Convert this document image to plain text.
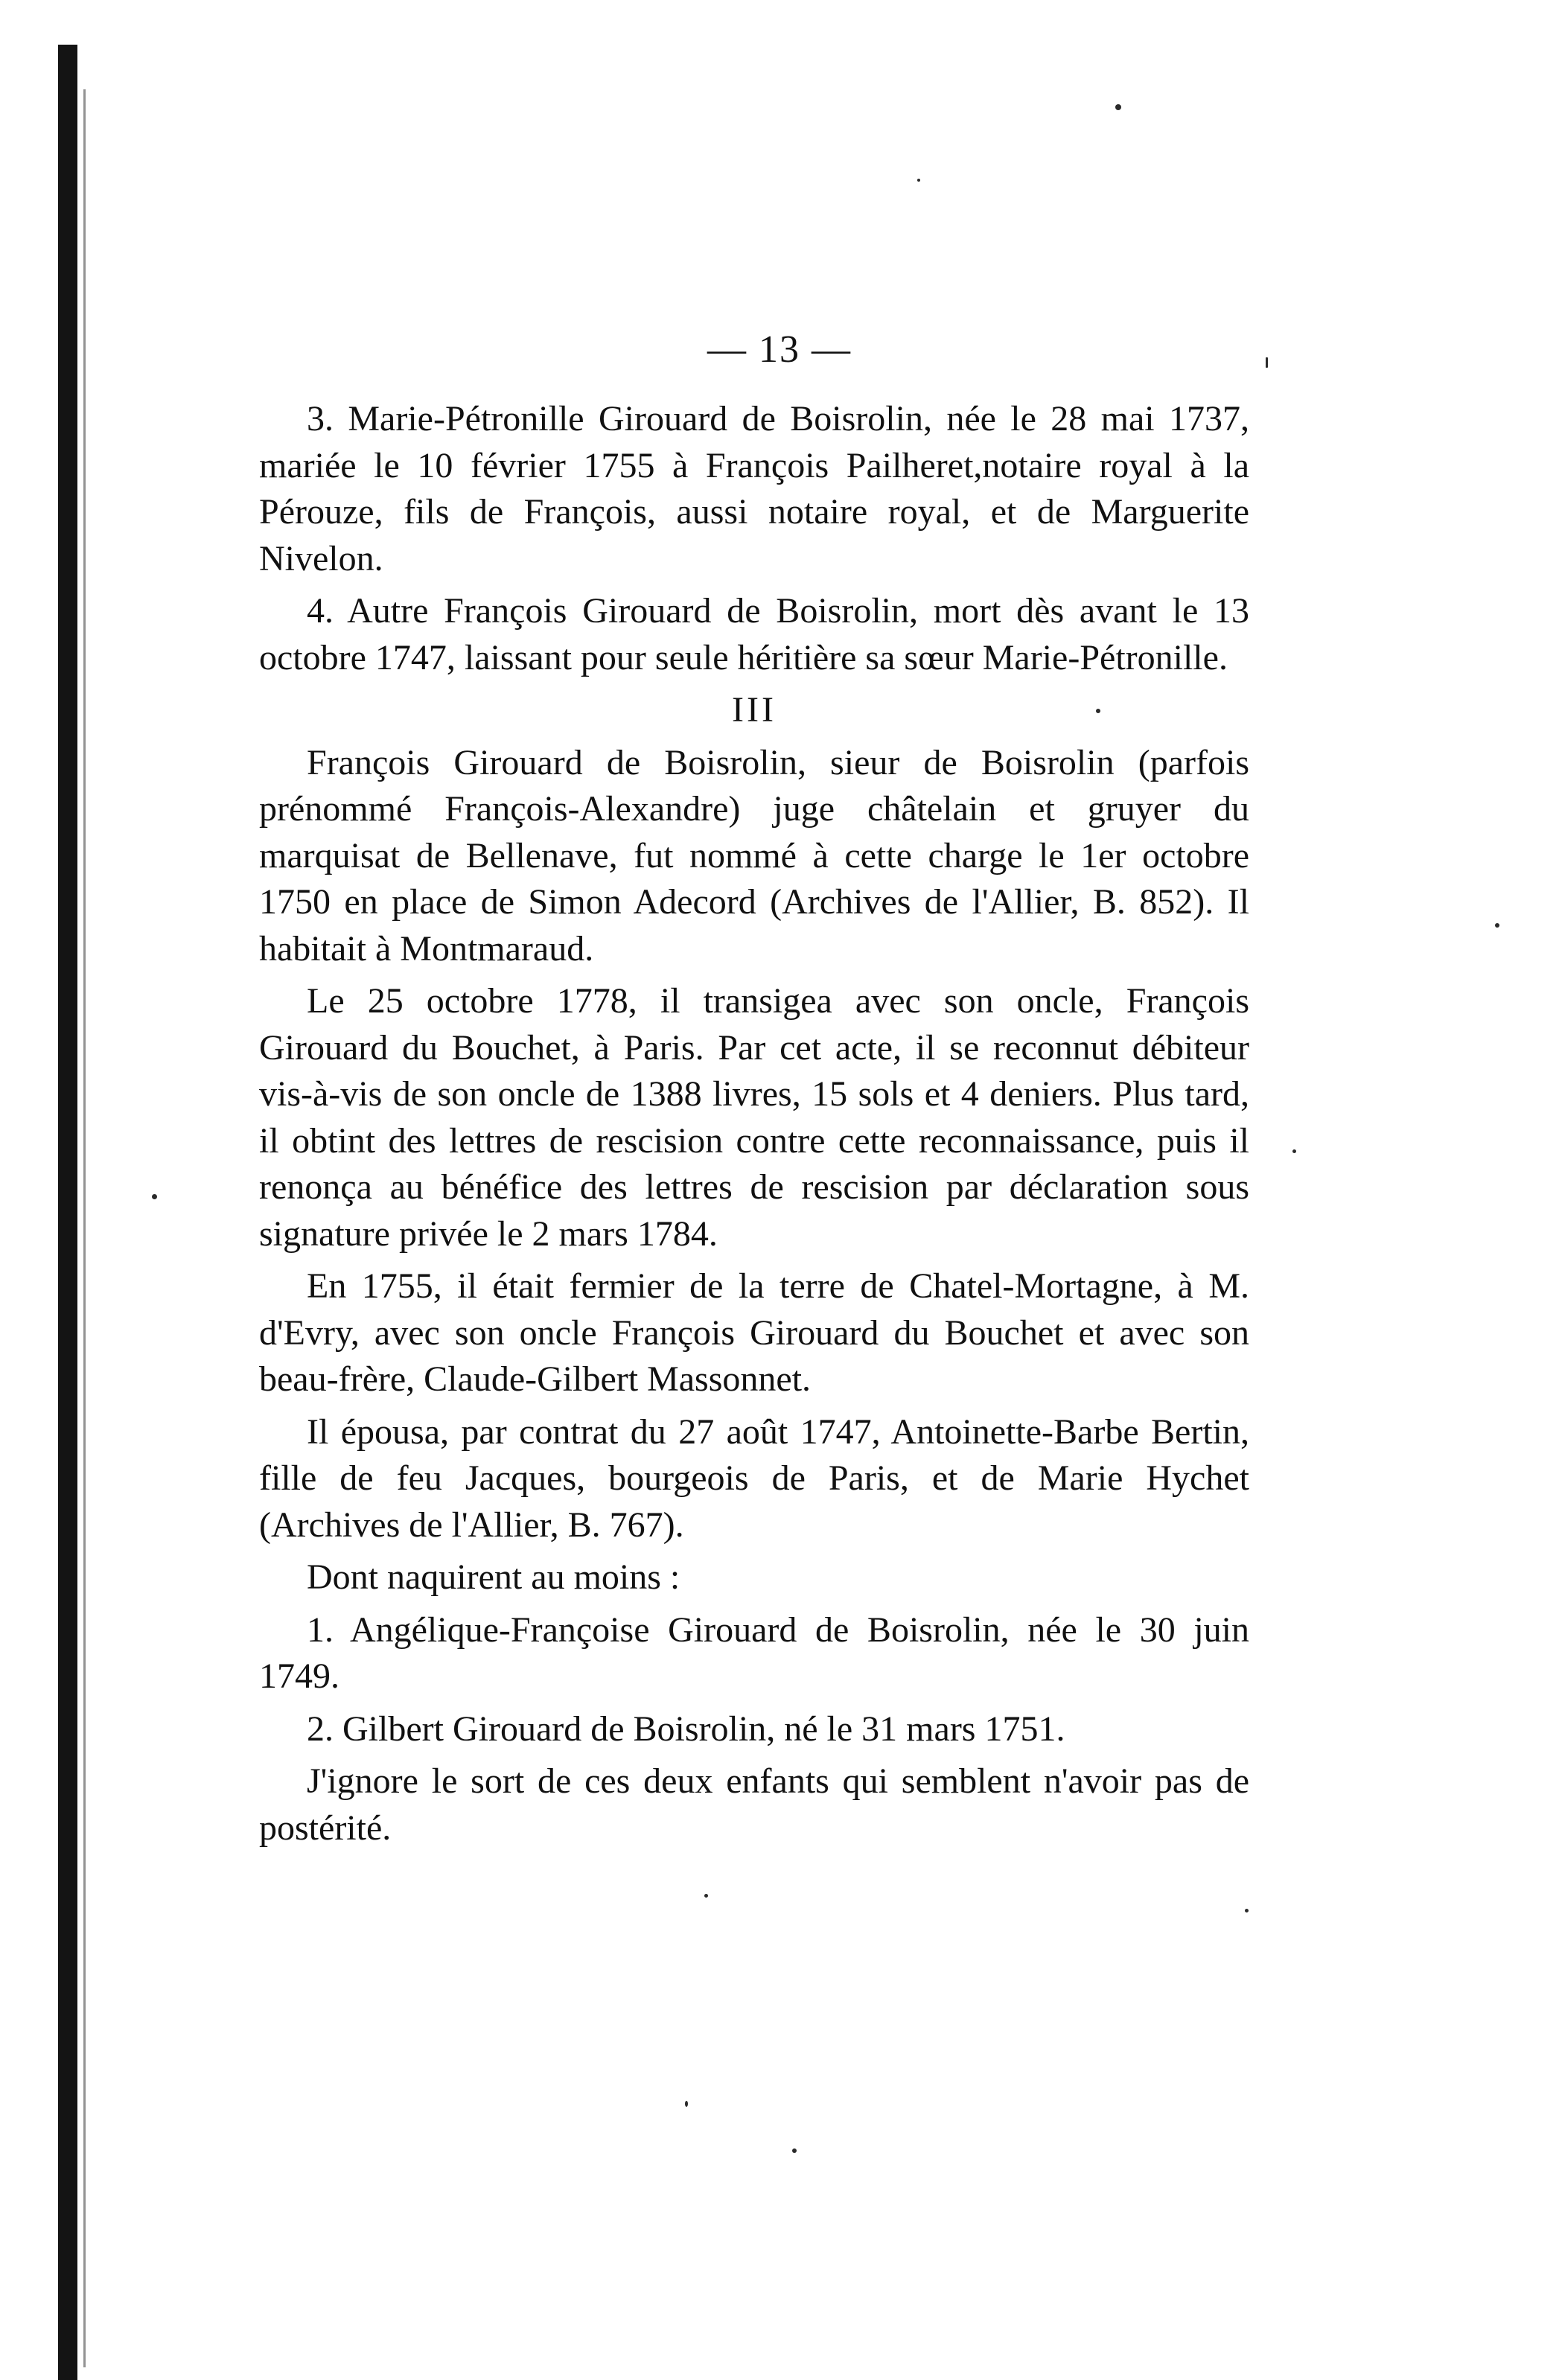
— 13 —

3. Marie-Pétronille Girouard de Boisrolin, née le 28 mai 1737, mariée le 10 février 1755 à François Pailheret,notaire royal à la Pérouze, fils de François, aussi notaire royal, et de Marguerite Nivelon.

4. Autre François Girouard de Boisrolin, mort dès avant le 13 octobre 1747, laissant pour seule héritière sa sœur Marie-Pétronille.

III

François Girouard de Boisrolin, sieur de Boisrolin (parfois prénommé François-Alexandre) juge châtelain et gruyer du marquisat de Bellenave, fut nommé à cette charge le 1er octobre 1750 en place de Simon Adecord (Archives de l'Allier, B. 852). Il habitait à Montmaraud.

Le 25 octobre 1778, il transigea avec son oncle, François Girouard du Bouchet, à Paris. Par cet acte, il se reconnut débiteur vis-à-vis de son oncle de 1388 livres, 15 sols et 4 deniers. Plus tard, il obtint des lettres de rescision contre cette reconnaissance, puis il renonça au bénéfice des lettres de rescision par déclaration sous signature privée le 2 mars 1784.

En 1755, il était fermier de la terre de Chatel-Mortagne, à M. d'Evry, avec son oncle François Girouard du Bouchet et avec son beau-frère, Claude-Gilbert Massonnet.

Il épousa, par contrat du 27 août 1747, Antoinette-Barbe Bertin, fille de feu Jacques, bourgeois de Paris, et de Marie Hychet (Archives de l'Allier, B. 767).

Dont naquirent au moins :

1. Angélique-Françoise Girouard de Boisrolin, née le 30 juin 1749.

2. Gilbert Girouard de Boisrolin, né le 31 mars 1751.

J'ignore le sort de ces deux enfants qui semblent n'avoir pas de postérité.
